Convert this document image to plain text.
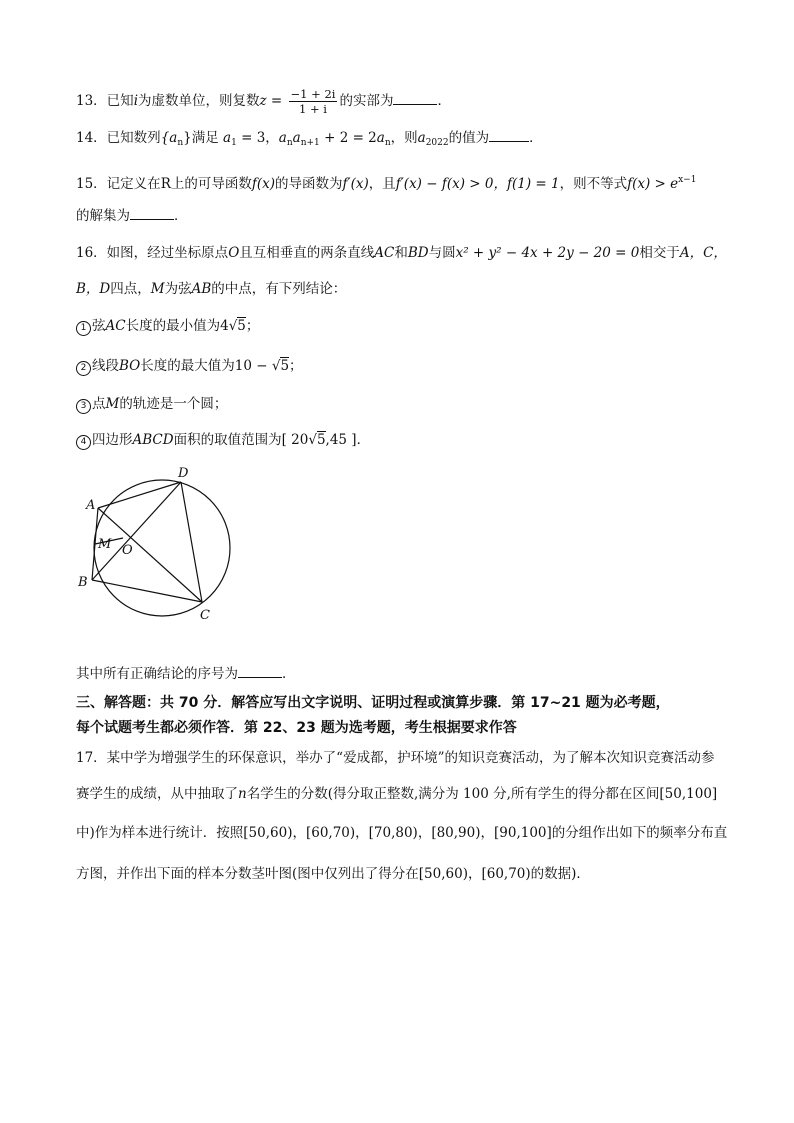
13．已知i为虚数单位，则复数$z = \frac{-1 + 2i}{1 + i}$ 的实部为	．
14．已知数列$\{a_n\}$满足 $a_1 = 3$，$a_na_{n+1} + 2 = 2a_n$，则$a_{2022}$的值为	．
15．记定义在R上的可导函数f(x)的导函数为f′(x)，且f′(x) − f(x) > 0，f(1) = 1，则不等式$f(x) > e^{x-1}$
的解集为	．
16．如图，经过坐标原点O且互相垂直的两条直线AC和BD与圆x² + y² − 4x + 2y − 20 = 0相交于A，C，
B，D四点，M为弦AB的中点，有下列结论：
1 弦AC长度的最小值为4√5；
2 线段BO长度的最大值为10 − √5；
3 点M的轨迹是一个圆；
4 四边形ABCD面积的取值范围为[ 20√5,45 ]．
A
D
M O
B
C
其中所有正确结论的序号为	．
三、解答题：共 70 分．解答应写出文字说明、证明过程或演算步骤．第 17~21 题为必考题，
每个试题考生都必须作答．第 22、23 题为选考题，考生根据要求作答
17．某中学为增强学生的环保意识，举办了“爱成都，护环境”的知识竞赛活动，为了解本次知识竞赛活动参
赛学生的成绩，从中抽取了n名学生的分数(得分取正整数,满分为 100 分,所有学生的得分都在区间[50,100]
中)作为样本进行统计．按照[50,60)，[60,70)，[70,80)，[80,90)，[90,100]的分组作出如下的频率分布直
方图，并作出下面的样本分数茎叶图(图中仅列出了得分在[50,60)，[60,70)的数据)．
